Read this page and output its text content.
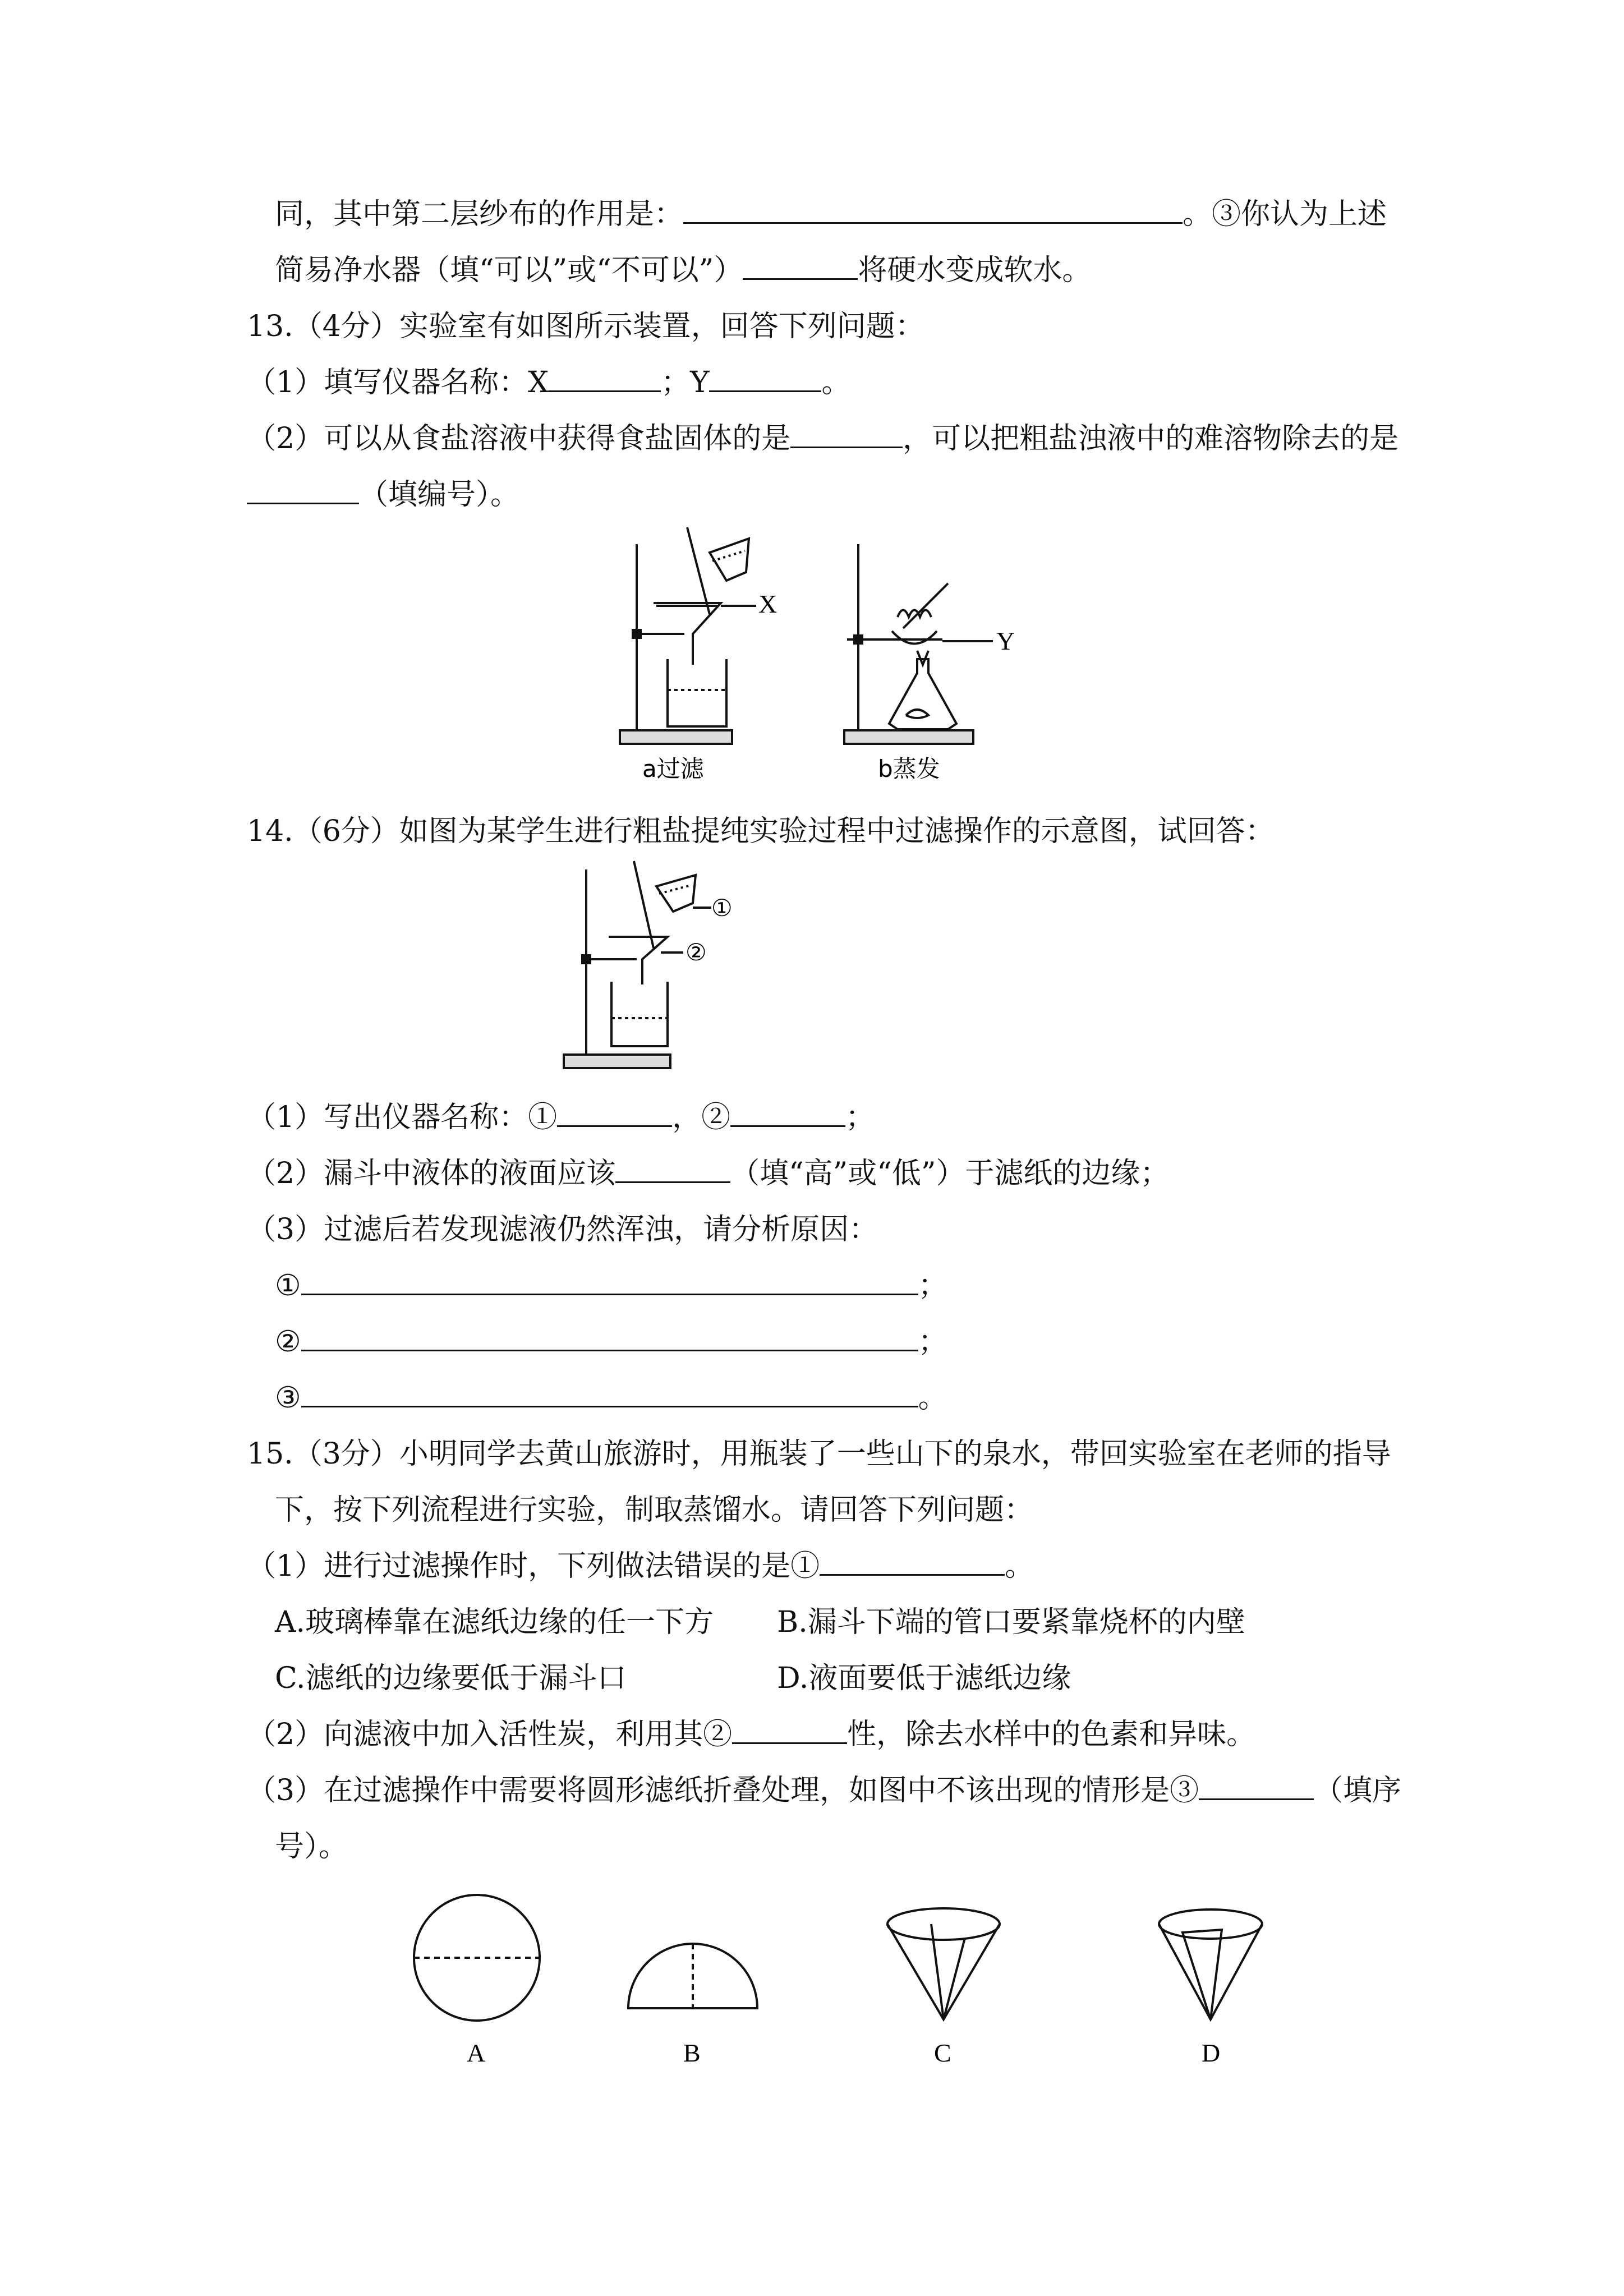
同，其中第二层纱布的作用是：	。③你认为上述
简易净水器（填“可以”或“不可以”）	将硬水变成软水。
13.（4分）实验室有如图所示装置，回答下列问题：
（1）填写仪器名称：X	；Y	。
（2）可以从食盐溶液中获得食盐固体的是	，可以把粗盐浊液中的难溶物除去的是
（填编号）。
X
Y
a过滤	b蒸发
14.（6分）如图为某学生进行粗盐提纯实验过程中过滤操作的示意图，试回答：
①
②
（1）写出仪器名称：①	，②	；
（2）漏斗中液体的液面应该	（填“高”或“低”）于滤纸的边缘；
（3）过滤后若发现滤液仍然浑浊，请分析原因：
①	；
②	；
③	。
15.（3分）小明同学去黄山旅游时，用瓶装了一些山下的泉水，带回实验室在老师的指导
下，按下列流程进行实验，制取蒸馏水。请回答下列问题：
（1）进行过滤操作时，下列做法错误的是①	。
A.玻璃棒靠在滤纸边缘的任一下方 B.漏斗下端的管口要紧靠烧杯的内壁
C.滤纸的边缘要低于漏斗口	D.液面要低于滤纸边缘
（2）向滤液中加入活性炭，利用其②	性，除去水样中的色素和异味。
（3）在过滤操作中需要将圆形滤纸折叠处理，如图中不该出现的情形是③	（填序
号）。
A	B	C	D
